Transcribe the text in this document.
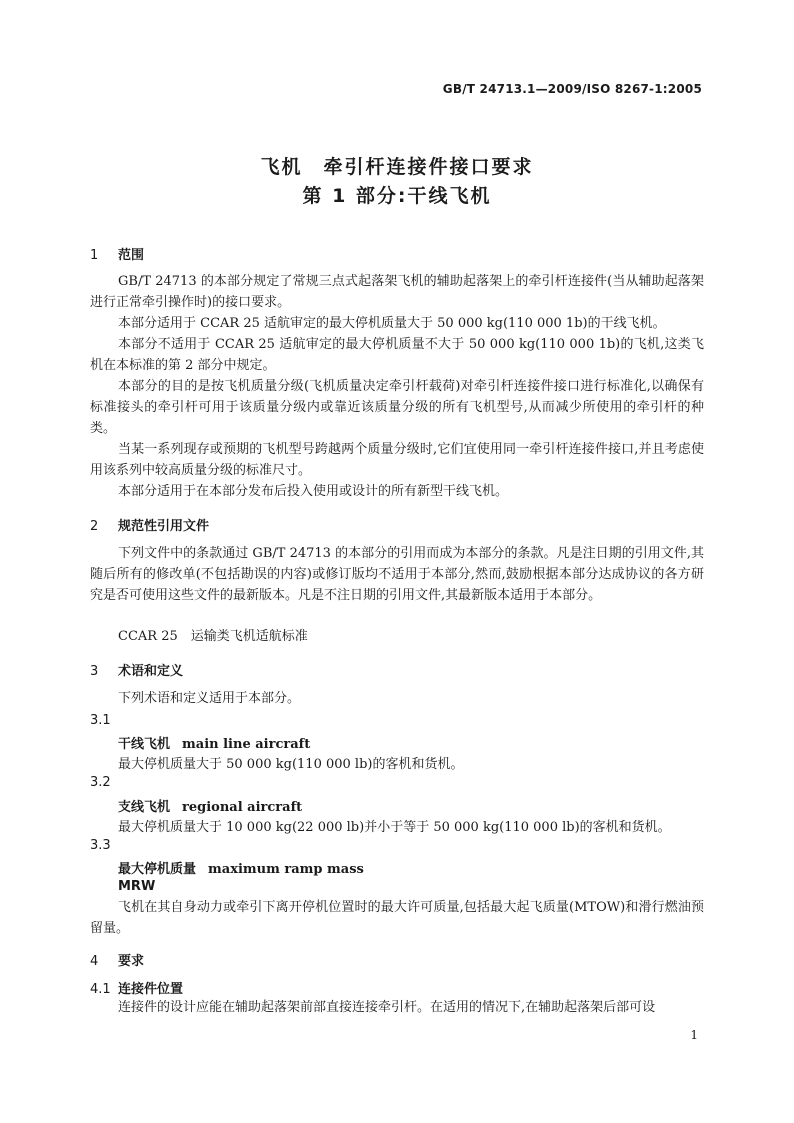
GB/T 24713.1—2009/ISO 8267-1:2005
飞机　牵引杆连接件接口要求
第 1 部分:干线飞机
1 范围
GB/T 24713 的本部分规定了常规三点式起落架飞机的辅助起落架上的牵引杆连接件(当从辅助起落架进行正常牵引操作时)的接口要求。
本部分适用于 CCAR 25 适航审定的最大停机质量大于 50 000 kg(110 000 1b)的干线飞机。
本部分不适用于 CCAR 25 适航审定的最大停机质量不大于 50 000 kg(110 000 1b)的飞机,这类飞机在本标准的第 2 部分中规定。
本部分的目的是按飞机质量分级(飞机质量决定牵引杆载荷)对牵引杆连接件接口进行标准化,以确保有标准接头的牵引杆可用于该质量分级内或靠近该质量分级的所有飞机型号,从而减少所使用的牵引杆的种类。
当某一系列现存或预期的飞机型号跨越两个质量分级时,它们宜使用同一牵引杆连接件接口,并且考虑使用该系列中较高质量分级的标准尺寸。
本部分适用于在本部分发布后投入使用或设计的所有新型干线飞机。
2 规范性引用文件
下列文件中的条款通过 GB/T 24713 的本部分的引用而成为本部分的条款。凡是注日期的引用文件,其随后所有的修改单(不包括勘误的内容)或修订版均不适用于本部分,然而,鼓励根据本部分达成协议的各方研究是否可使用这些文件的最新版本。凡是不注日期的引用文件,其最新版本适用于本部分。
CCAR 25　运输类飞机适航标准
3 术语和定义
下列术语和定义适用于本部分。
3.1
干线飞机 main line aircraft
最大停机质量大于 50 000 kg(110 000 lb)的客机和货机。
3.2
支线飞机 regional aircraft
最大停机质量大于 10 000 kg(22 000 lb)并小于等于 50 000 kg(110 000 lb)的客机和货机。
3.3
最大停机质量 maximum ramp mass
MRW
飞机在其自身动力或牵引下离开停机位置时的最大许可质量,包括最大起飞质量(MTOW)和滑行燃油预留量。
4 要求
4.1 连接件位置
连接件的设计应能在辅助起落架前部直接连接牵引杆。在适用的情况下,在辅助起落架后部可设
1
